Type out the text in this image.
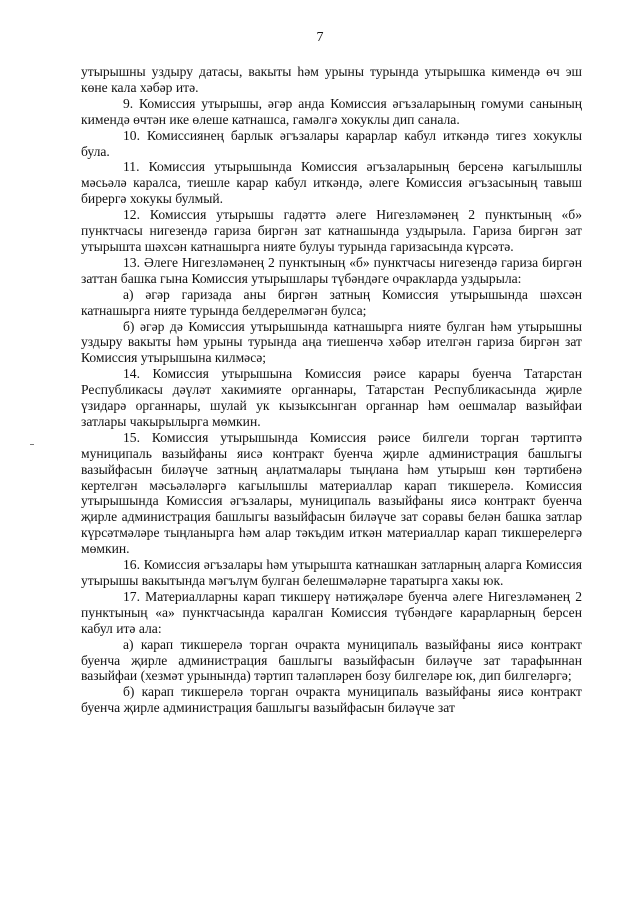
7

утырышны уздыру датасы, вакыты һәм урыны турында утырышка кимендә өч эш көне кала хәбәр итә.

9. Комиссия утырышы, әгәр анда Комиссия әгъзаларының гомуми санының кимендә өчтән ике өлеше катнашса, гамәлгә хокуклы дип санала.

10. Комиссиянең барлык әгъзалары карарлар кабул иткәндә тигез хокуклы була.

11. Комиссия утырышында Комиссия әгъзаларының берсенә кагылышлы мәсьәлә каралса, тиешле карар кабул иткәндә, әлеге Комиссия әгъзасының тавыш бирергә хокукы булмый.

12. Комиссия утырышы гадәттә әлеге Нигезләмәнең 2 пунктының «б» пунктчасы нигезендә гариза биргән зат катнашында уздырыла. Гариза биргән зат утырышта шәхсән катнашырга нияте булуы турында гаризасында күрсәтә.

13. Әлеге Нигезләмәнең 2 пунктының «б» пунктчасы нигезендә гариза биргән заттан башка гына Комиссия утырышлары түбәндәге очракларда уздырыла:

а) әгәр гаризада аны биргән затның Комиссия утырышында шәхсән катнашырга нияте турында белдерелмәгән булса;

б) әгәр дә Комиссия утырышында катнашырга нияте булган һәм утырышны уздыру вакыты һәм урыны турында аңа тиешенчә хәбәр ителгән гариза биргән зат Комиссия утырышына килмәсә;

14. Комиссия утырышына Комиссия рәисе карары буенча Татарстан Республикасы дәүләт хакимияте органнары, Татарстан Республикасында җирле үзидарә органнары, шулай ук кызыксынган органнар һәм оешмалар вазыйфаи затлары чакырылырга мөмкин.

15. Комиссия утырышында Комиссия рәисе билгели торган тәртиптә муниципаль вазыйфаны яисә контракт буенча җирле администрация башлыгы вазыйфасын биләүче затның аңлатмалары тыңлана һәм утырыш көн тәртибенә кертелгән мәсьәләләргә кагылышлы материаллар карап тикшерелә. Комиссия утырышында Комиссия әгъзалары, муниципаль вазыйфаны яисә контракт буенча җирле администрация башлыгы вазыйфасын биләүче зат соравы белән башка затлар күрсәтмәләре тыңланырга һәм алар тәкъдим иткән материаллар карап тикшерелергә мөмкин.

16. Комиссия әгъзалары һәм утырышта катнашкан затларның аларга Комиссия утырышы вакытында мәгълүм булган белешмәләрне таратырга хакы юк.

17. Материалларны карап тикшерү нәтиҗәләре буенча әлеге Нигезләмәнең 2 пунктының «а» пунктчасында каралган Комиссия түбәндәге карарларның берсен кабул итә ала:

а) карап тикшерелә торган очракта муниципаль вазыйфаны яисә контракт буенча җирле администрация башлыгы вазыйфасын биләүче зат тарафыннан вазыйфаи (хезмәт урынында) тәртип таләпләрен бозу билгеләре юк, дип билгеләргә;

б) карап тикшерелә торган очракта муниципаль вазыйфаны яисә контракт буенча җирле администрация башлыгы вазыйфасын биләүче зат
